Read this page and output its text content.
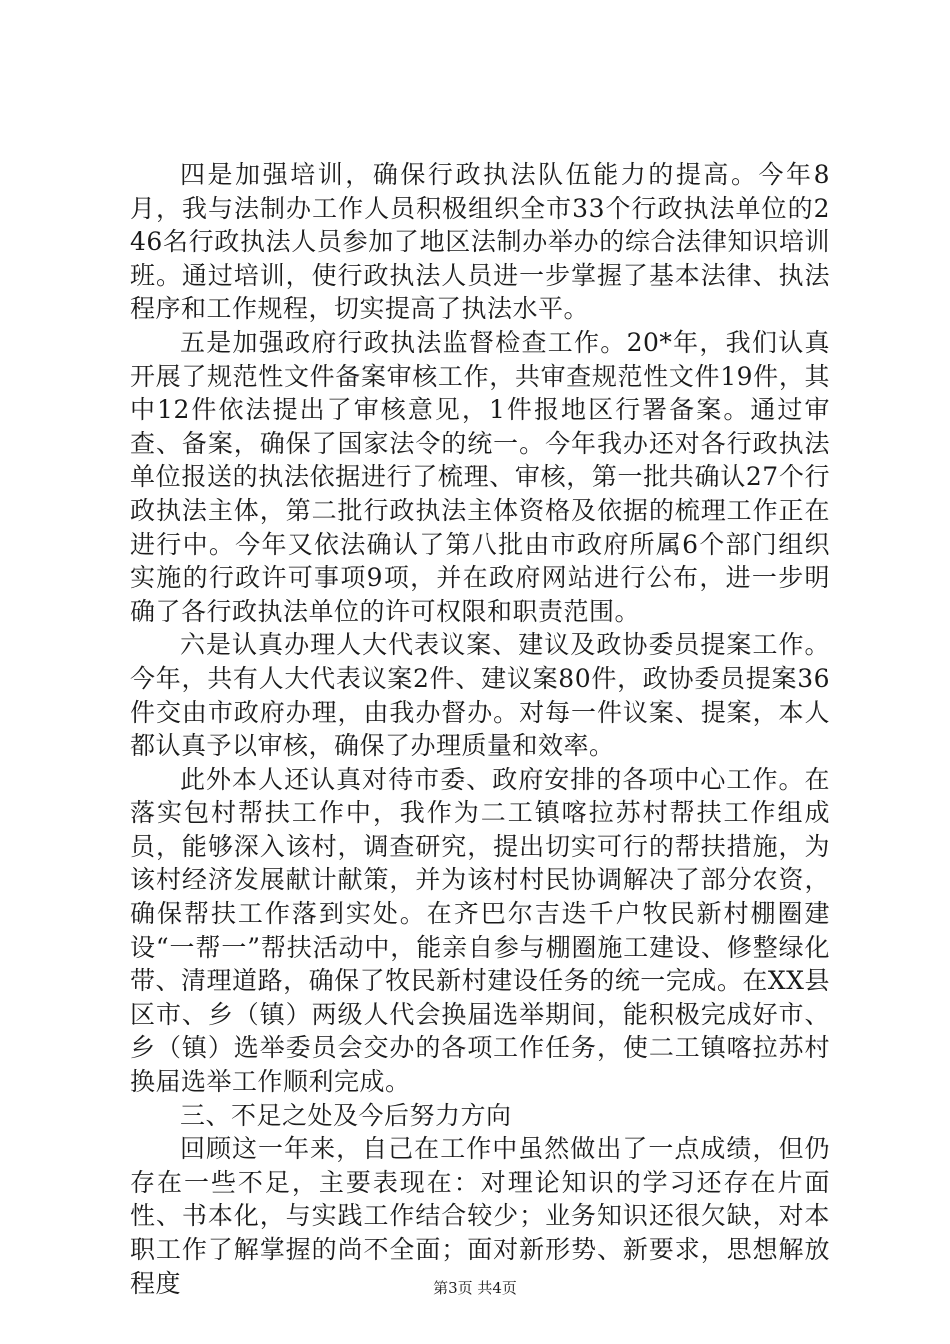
四是加强培训，确保行政执法队伍能力的提高。今年8月，我与法制办工作人员积极组织全市33个行政执法单位的246名行政执法人员参加了地区法制办举办的综合法律知识培训班。通过培训，使行政执法人员进一步掌握了基本法律、执法程序和工作规程，切实提高了执法水平。

五是加强政府行政执法监督检查工作。20*年，我们认真开展了规范性文件备案审核工作，共审查规范性文件19件，其中12件依法提出了审核意见，1件报地区行署备案。通过审查、备案，确保了国家法令的统一。今年我办还对各行政执法单位报送的执法依据进行了梳理、审核，第一批共确认27个行政执法主体，第二批行政执法主体资格及依据的梳理工作正在进行中。今年又依法确认了第八批由市政府所属6个部门组织实施的行政许可事项9项，并在政府网站进行公布，进一步明确了各行政执法单位的许可权限和职责范围。

六是认真办理人大代表议案、建议及政协委员提案工作。今年，共有人大代表议案2件、建议案80件，政协委员提案36件交由市政府办理，由我办督办。对每一件议案、提案，本人都认真予以审核，确保了办理质量和效率。

此外本人还认真对待市委、政府安排的各项中心工作。在落实包村帮扶工作中，我作为二工镇喀拉苏村帮扶工作组成员，能够深入该村，调查研究，提出切实可行的帮扶措施，为该村经济发展献计献策，并为该村村民协调解决了部分农资，确保帮扶工作落到实处。在齐巴尔吉迭千户牧民新村棚圈建设“一帮一”帮扶活动中，能亲自参与棚圈施工建设、修整绿化带、清理道路，确保了牧民新村建设任务的统一完成。在XX县区市、乡（镇）两级人代会换届选举期间，能积极完成好市、乡（镇）选举委员会交办的各项工作任务，使二工镇喀拉苏村换届选举工作顺利完成。

三、不足之处及今后努力方向

回顾这一年来，自己在工作中虽然做出了一点成绩，但仍存在一些不足，主要表现在：对理论知识的学习还存在片面性、书本化，与实践工作结合较少；业务知识还很欠缺，对本职工作了解掌握的尚不全面；面对新形势、新要求，思想解放程度	第3页 共4页
